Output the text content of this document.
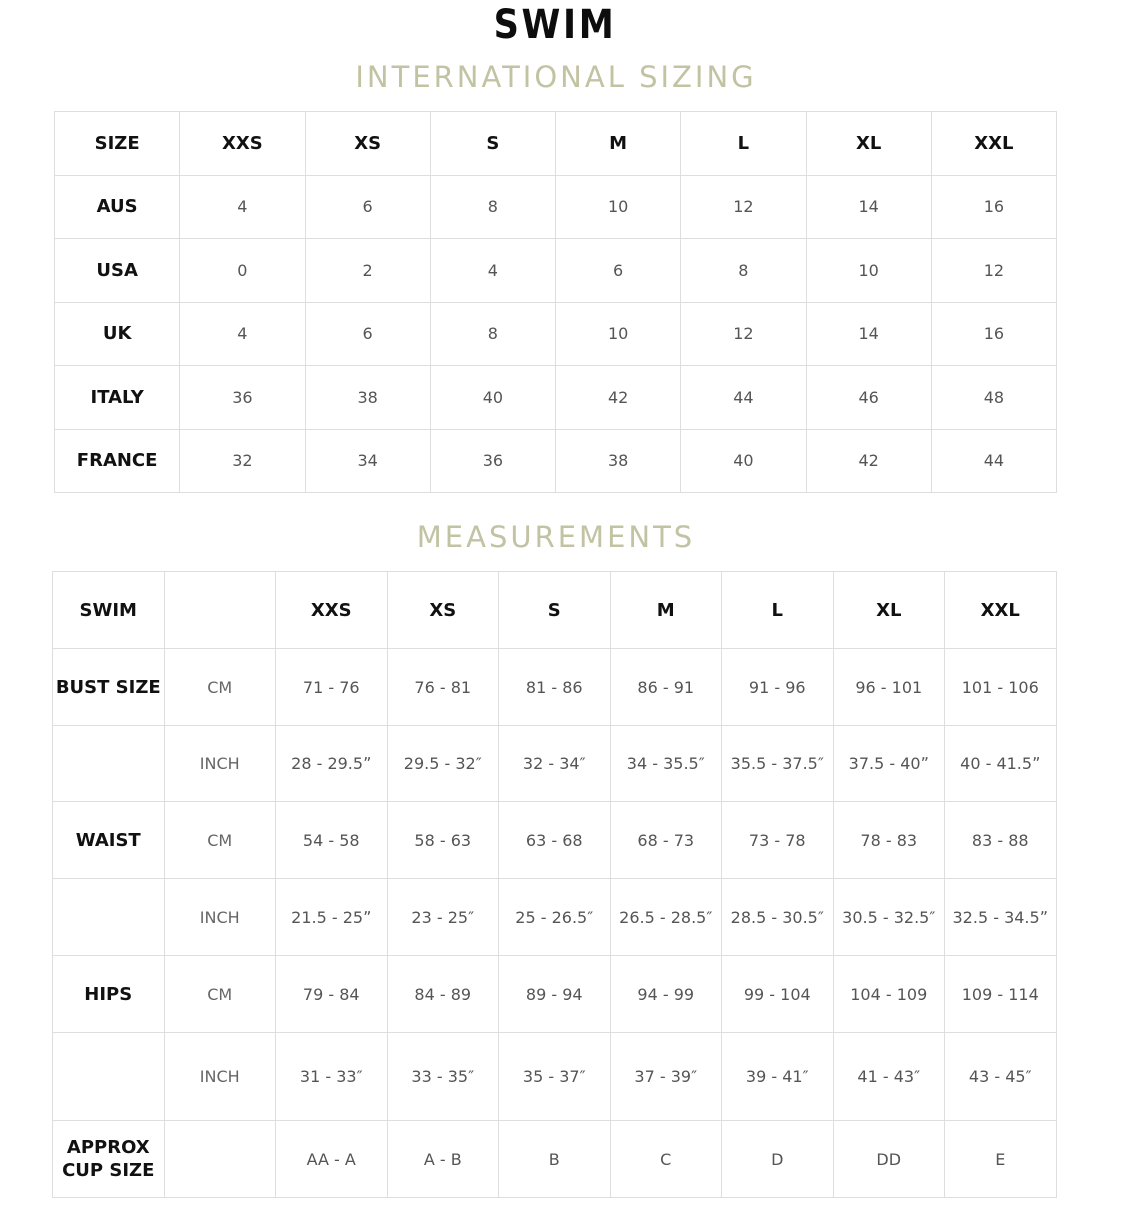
SWIM
INTERNATIONAL SIZING
SIZE	XXS	XS	S	M	L	XL	XXL
AUS	4	6	8	10	12	14	16
USA	0	2	4	6	8	10	12
UK	4	6	8	10	12	14	16
ITALY	36	38	40	42	44	46	48
FRANCE	32	34	36	38	40	42	44
MEASUREMENTS
SWIM		XXS	XS	S	M	L	XL	XXL
BUST SIZE	CM	71 - 76	76 - 81	81 - 86	86 - 91	91 - 96	96 - 101	101 - 106
	INCH	28 - 29.5ˮ	29.5 - 32″	32 - 34″	34 - 35.5″	35.5 - 37.5″	37.5 - 40ˮ	40 - 41.5ˮ
WAIST	CM	54 - 58	58 - 63	63 - 68	68 - 73	73 - 78	78 - 83	83 - 88
	INCH	21.5 - 25ˮ	23 - 25″	25 - 26.5″	26.5 - 28.5″	28.5 - 30.5″	30.5 - 32.5″	32.5 - 34.5ˮ
HIPS	CM	79 - 84	84 - 89	89 - 94	94 - 99	99 - 104	104 - 109	109 - 114
	INCH	31 - 33″	33 - 35″	35 - 37″	37 - 39″	39 - 41″	41 - 43″	43 - 45″
APPROX
CUP SIZE		AA - A	A - B	B	C	D	DD	E
